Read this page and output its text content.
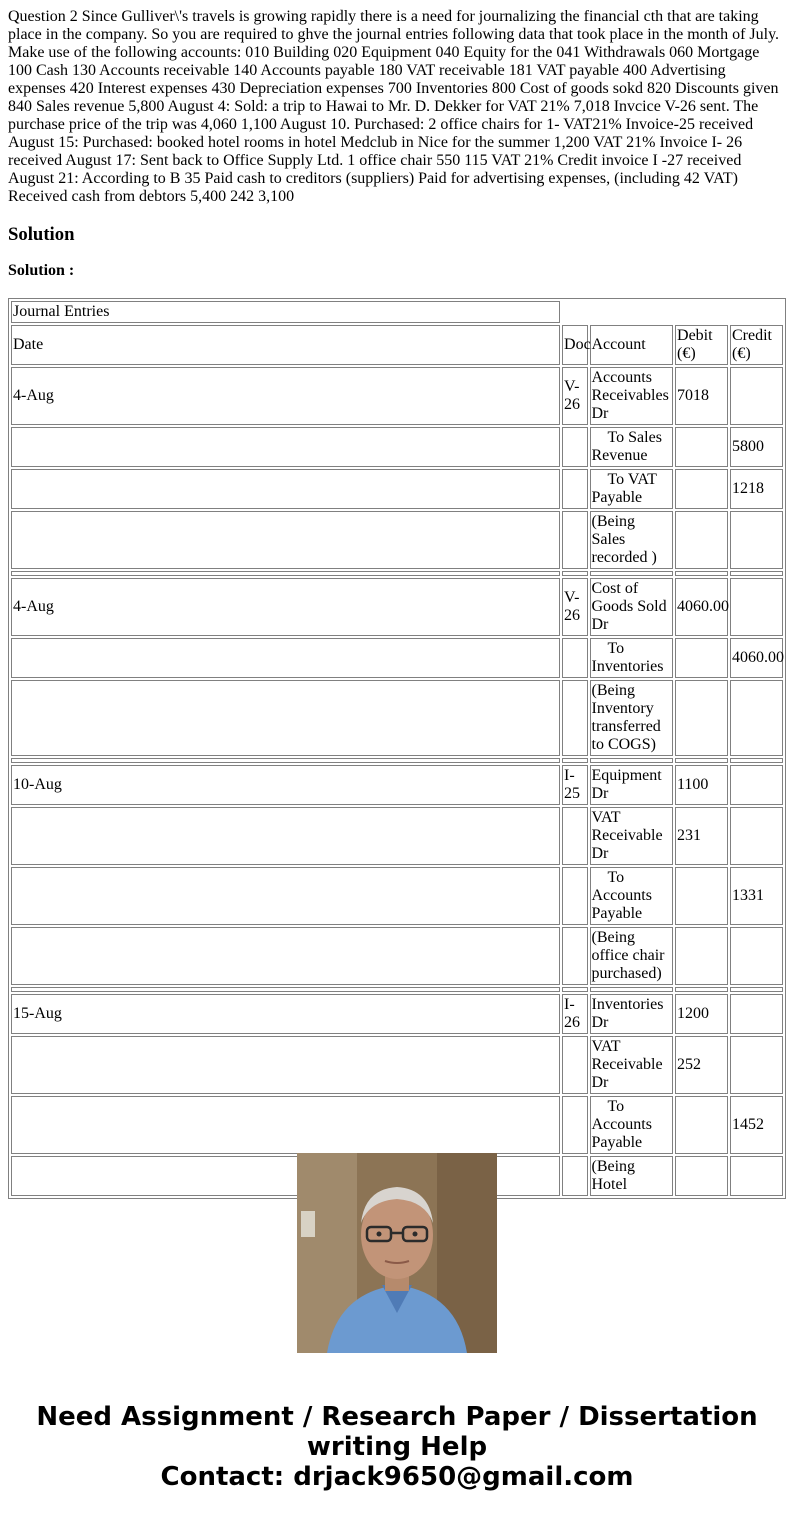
Question 2 Since Gulliver\'s travels is growing rapidly there is a need for journalizing the financial cth that are taking place in the company. So you are required to ghve the journal entries following data that took place in the month of July. Make use of the following accounts: 010 Building 020 Equipment 040 Equity for the 041 Withdrawals 060 Mortgage 100 Cash 130 Accounts receivable 140 Accounts payable 180 VAT receivable 181 VAT payable 400 Advertising expenses 420 Interest expenses 430 Depreciation expenses 700 Inventories 800 Cost of goods sokd 820 Discounts given 840 Sales revenue 5,800 August 4: Sold: a trip to Hawai to Mr. D. Dekker for VAT 21% 7,018 Invcice V-26 sent. The purchase price of the trip was 4,060 1,100 August 10. Purchased: 2 office chairs for 1- VAT21% Invoice-25 received August 15: Purchased: booked hotel rooms in hotel Medclub in Nice for the summer 1,200 VAT 21% Invoice I- 26 received August 17: Sent back to Office Supply Ltd. 1 office chair 550 115 VAT 21% Credit invoice I -27 received August 21: According to B 35 Paid cash to creditors (suppliers) Paid for advertising expenses, (including 42 VAT) Received cash from debtors 5,400 242 3,100
Solution

Solution :

Journal Entries				
Date	Doc	Account	Debit (€)	Credit (€)
4-Aug	V-26	Accounts Receivables Dr	7018	
		To Sales Revenue		5800
		To VAT Payable		1218
		(Being Sales recorded )		

4-Aug	V-26	Cost of Goods Sold Dr	4060.00	
		To Inventories		4060.00
		(Being Inventory transferred to COGS)		

10-Aug	I-25	Equipment Dr	1100	
		VAT Receivable Dr	231	
		To Accounts Payable		1331
		(Being office chair purchased)		

15-Aug	I-26	Inventories Dr	1200	
		VAT Receivable Dr	252	
		To Accounts Payable		1452
		(Being Hotel		
Need Assignment / Research Paper / Dissertation
writing Help
Contact: drjack9650@gmail.com
